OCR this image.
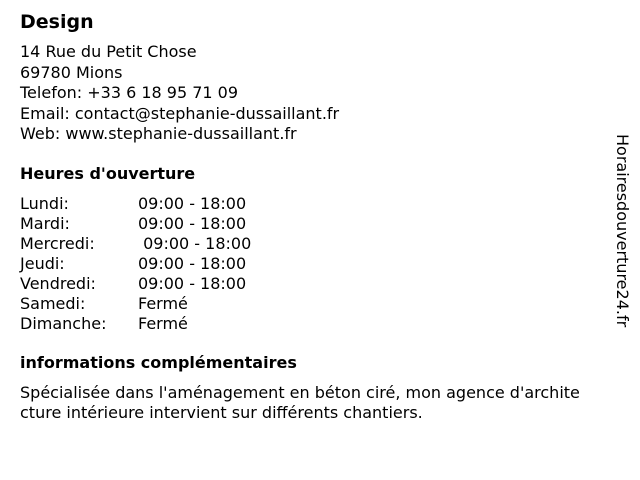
Design
14 Rue du Petit Chose
69780 Mions
Telefon: +33 6 18 95 71 09
Email: contact@stephanie-dussaillant.fr
Web: www.stephanie-dussaillant.fr
Heures d'ouverture
Lundi:	09:00 - 18:00
Mardi:	09:00 - 18:00
Mercredi:	09:00 - 18:00
Jeudi:	09:00 - 18:00
Vendredi:	09:00 - 18:00
Samedi:	Fermé
Dimanche: Fermé
informations complémentaires
Spécialisée dans l'aménagement en béton ciré, mon agence d'architecture intérieure intervient sur différents chantiers.
Horairesdouverture24.fr
